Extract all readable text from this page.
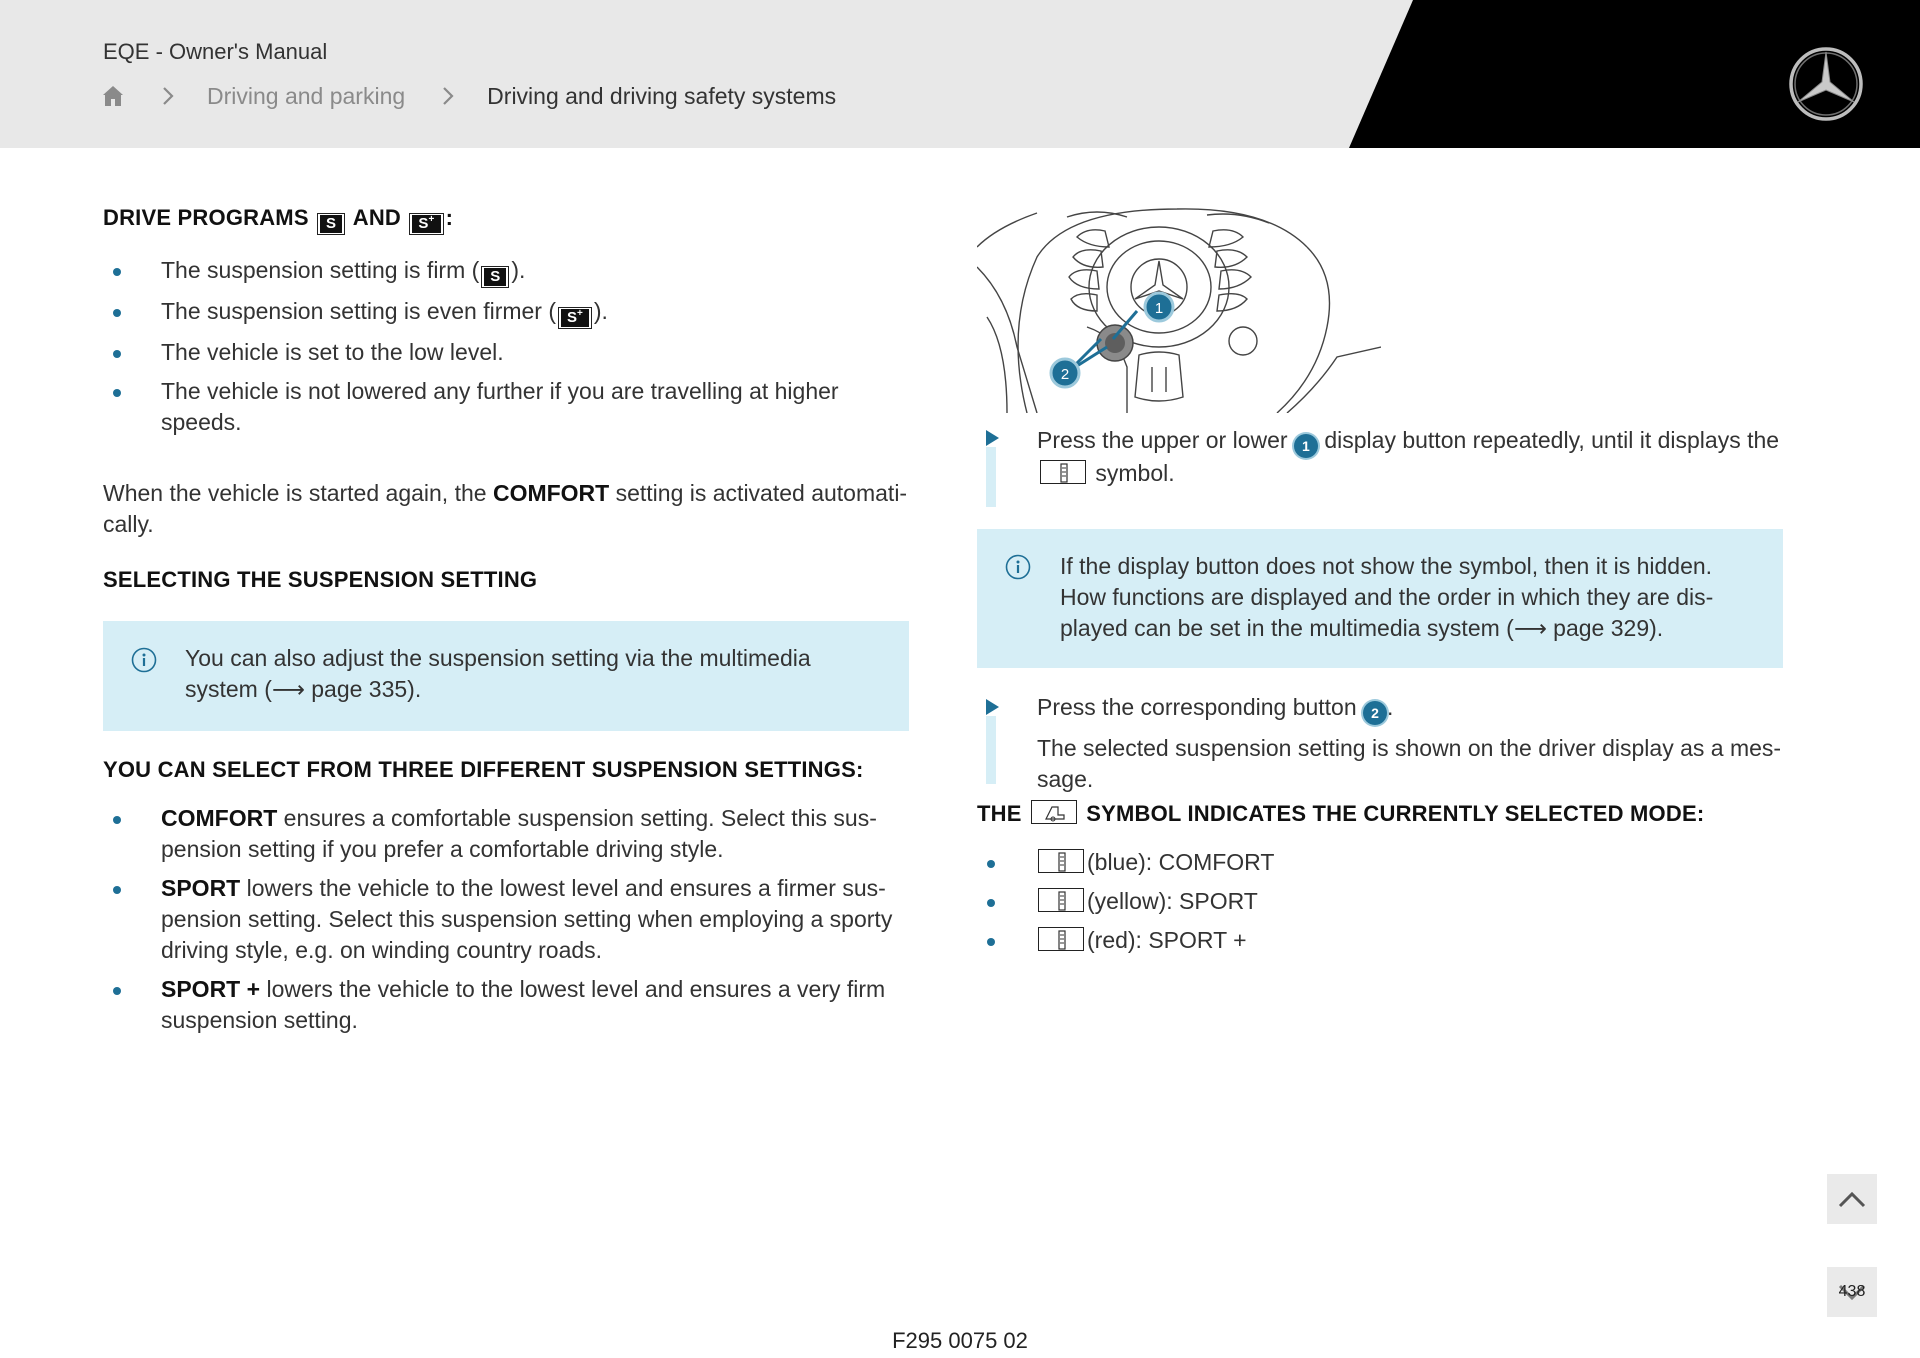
EQE - Owner's Manual
Driving and parking	Driving and driving safety systems
DRIVE PROGRAMS S AND S+ :
The suspension setting is firm ( S ).
The suspension setting is even firmer ( S+ ).
The vehicle is set to the low level.
The vehicle is not lowered any further if you are travelling at higher speeds.

When the vehicle is started again, the COMFORT setting is activated automati-cally.

SELECTING THE SUSPENSION SETTING
You can also adjust the suspension setting via the multimedia system (⟶ page 335).
YOU CAN SELECT FROM THREE DIFFERENT SUSPENSION SETTINGS:
COMFORT ensures a comfortable suspension setting. Select this sus-pension setting if you prefer a comfortable driving style.
SPORT lowers the vehicle to the lowest level and ensures a firmer sus-pension setting. Select this suspension setting when employing a sporty driving style, e.g. on winding country roads.
SPORT + lowers the vehicle to the lowest level and ensures a very firm suspension setting.
1
2

Press the upper or lower 1 display button repeatedly, until it displays the  symbol.

If the display button does not show the symbol, then it is hidden. How functions are displayed and the order in which they are dis-played can be set in the multimedia system (⟶ page 329).

Press the corresponding button 2 .

The selected suspension setting is shown on the driver display as a mes-sage.

THE	SYMBOL INDICATES THE CURRENTLY SELECTED MODE:
(blue): COMFORT
(yellow): SPORT
(red): SPORT +
438
F295 0075 02
